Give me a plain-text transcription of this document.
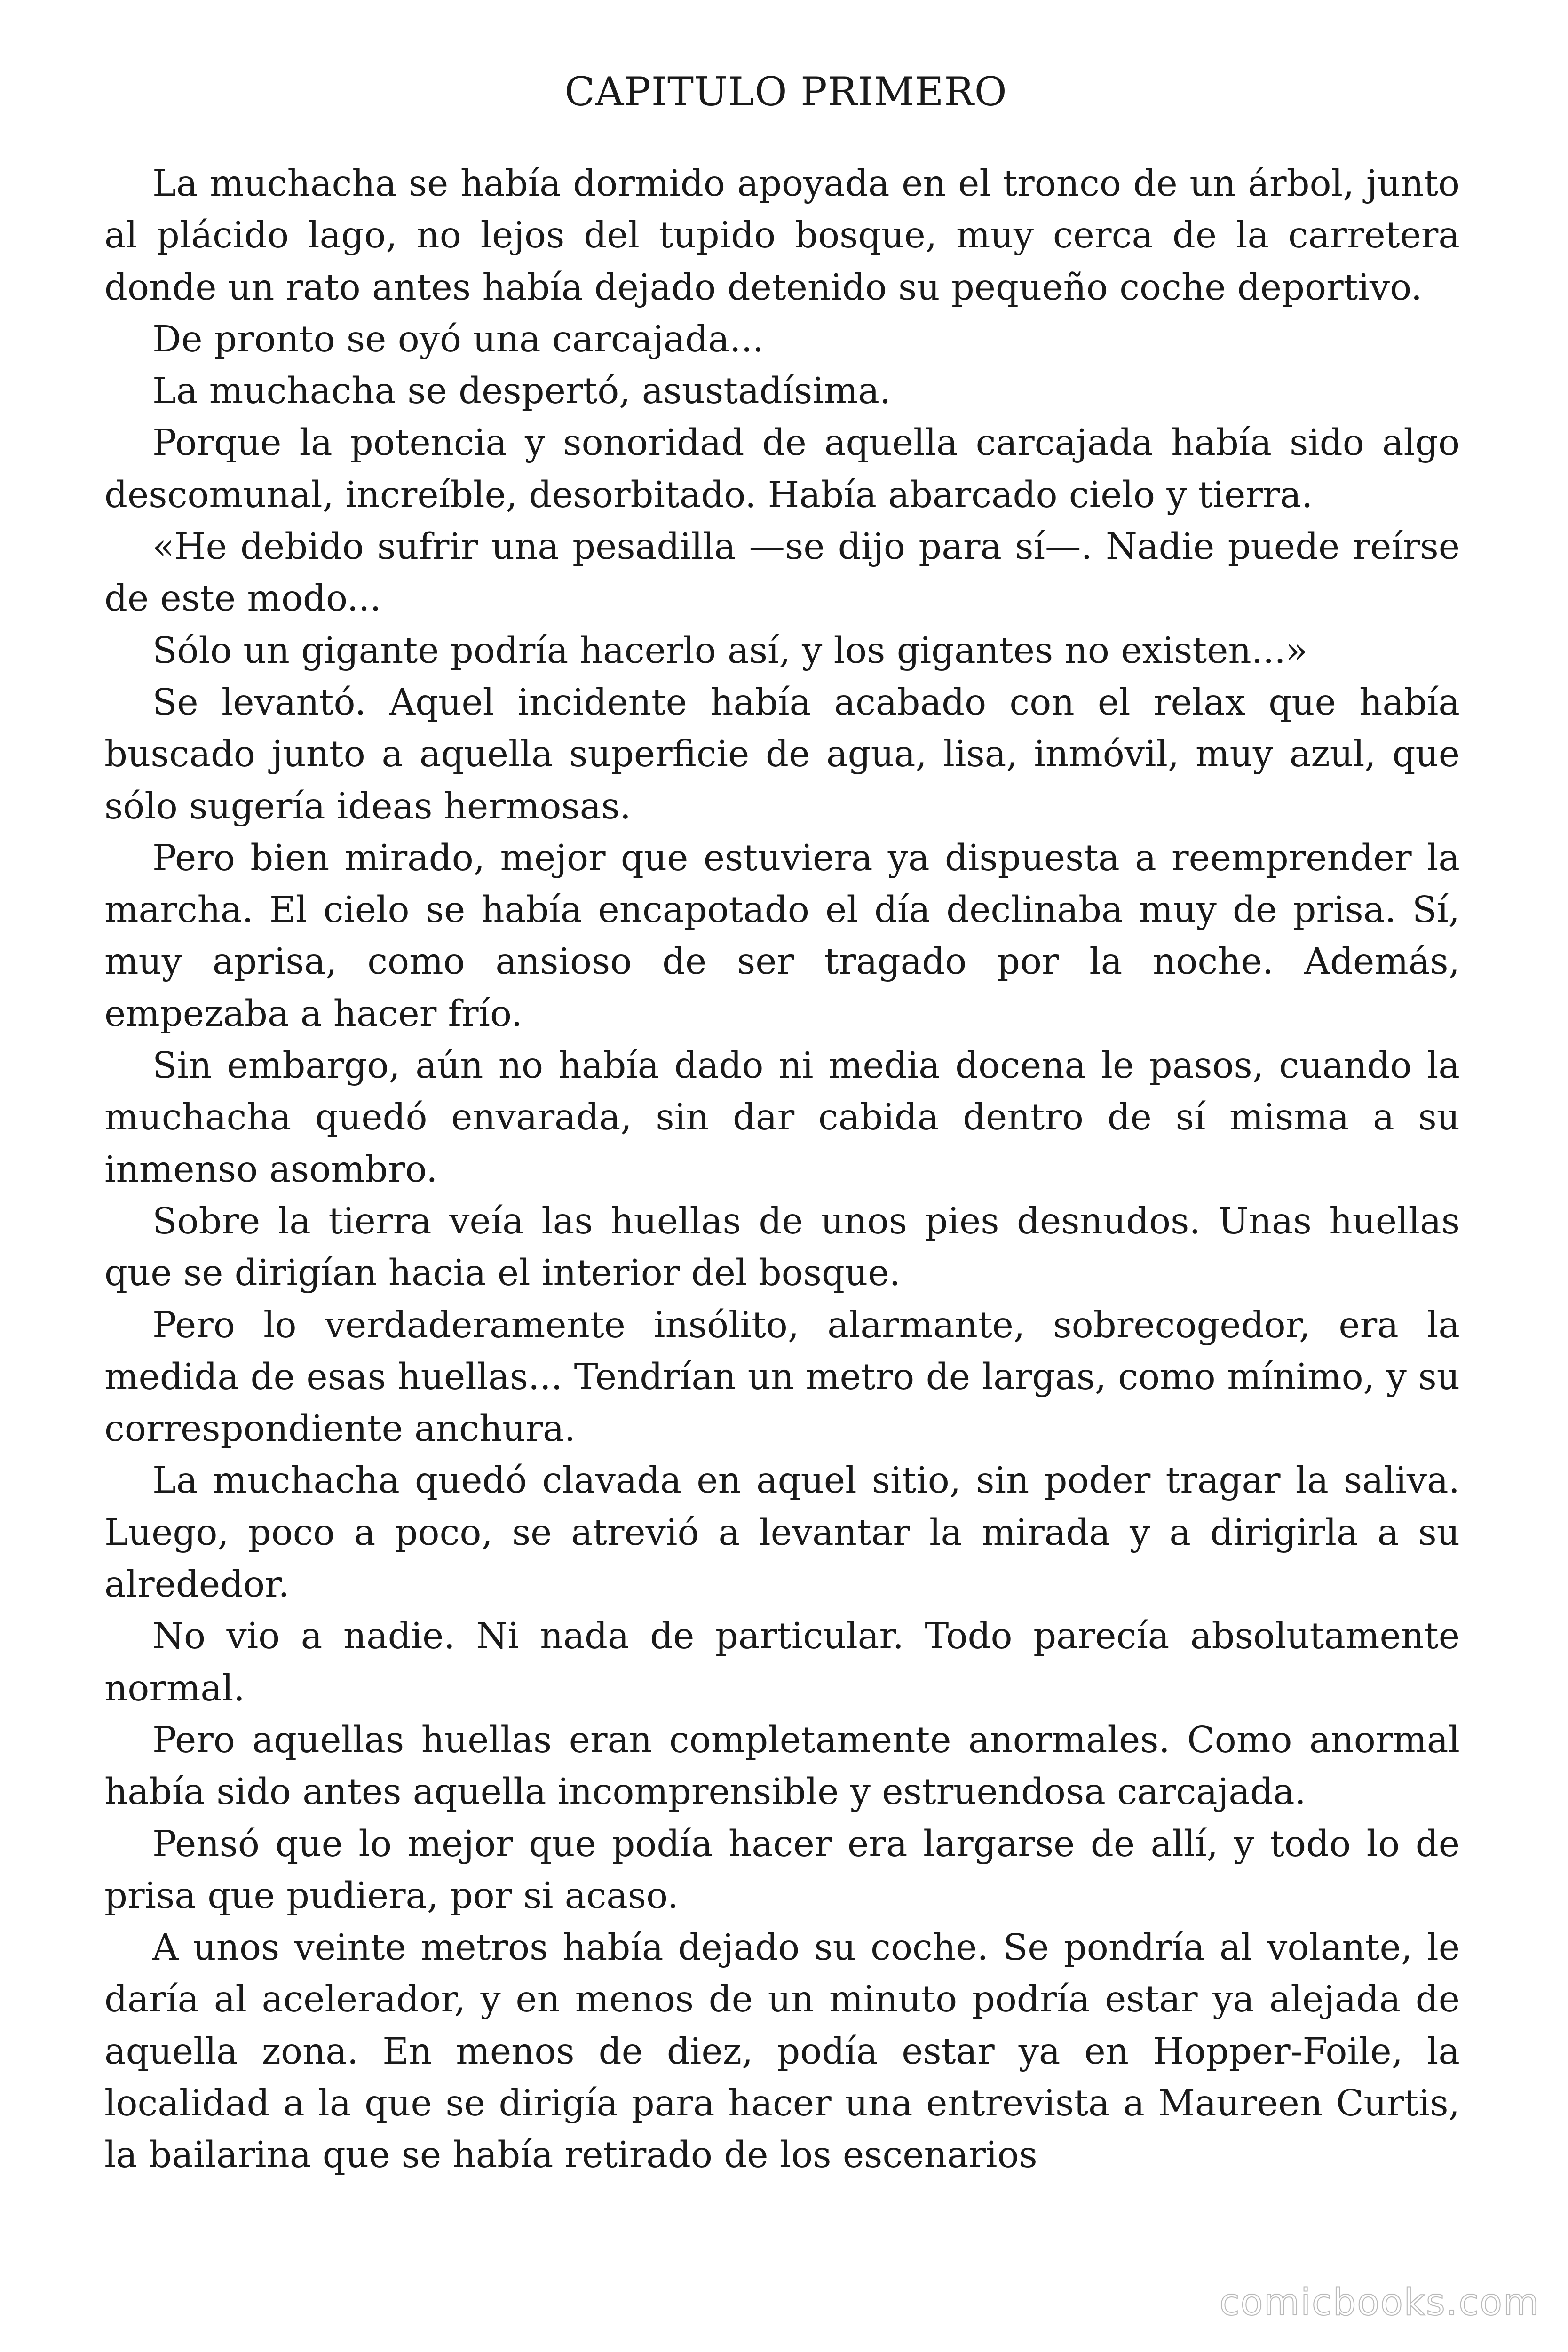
CAPITULO PRIMERO

La muchacha se había dormido apoyada en el tronco de un árbol, junto al plácido lago, no lejos del tupido bosque, muy cerca de la carretera donde un rato antes había dejado detenido su pequeño coche deportivo.

De pronto se oyó una carcajada...

La muchacha se despertó, asustadísima.

Porque la potencia y sonoridad de aquella carcajada había sido algo descomunal, increíble, desorbitado. Había abarcado cielo y tierra.

«He debido sufrir una pesadilla —se dijo para sí—. Nadie puede reírse de este modo...

Sólo un gigante podría hacerlo así, y los gigantes no existen...»

Se levantó. Aquel incidente había acabado con el relax que había buscado junto a aquella superficie de agua, lisa, inmóvil, muy azul, que sólo sugería ideas hermosas.

Pero bien mirado, mejor que estuviera ya dispuesta a reemprender la marcha. El cielo se había encapotado el día declinaba muy de prisa. Sí, muy aprisa, como ansioso de ser tragado por la noche. Además, empezaba a hacer frío.

Sin embargo, aún no había dado ni media docena le pasos, cuando la muchacha quedó envarada, sin dar cabida dentro de sí misma a su inmenso asombro.

Sobre la tierra veía las huellas de unos pies desnudos. Unas huellas que se dirigían hacia el interior del bosque.

Pero lo verdaderamente insólito, alarmante, sobrecogedor, era la medida de esas huellas... Tendrían un metro de largas, como mínimo, y su correspondiente anchura.

La muchacha quedó clavada en aquel sitio, sin poder tragar la saliva. Luego, poco a poco, se atrevió a levantar la mirada y a dirigirla a su alrededor.

No vio a nadie. Ni nada de particular. Todo parecía absolutamente normal.

Pero aquellas huellas eran completamente anormales. Como anormal había sido antes aquella incomprensible y estruendosa carcajada.

Pensó que lo mejor que podía hacer era largarse de allí, y todo lo de prisa que pudiera, por si acaso.

A unos veinte metros había dejado su coche. Se pondría al volante, le daría al acelerador, y en menos de un minuto podría estar ya alejada de aquella zona. En menos de diez, podía estar ya en Hopper-Foile, la localidad a la que se dirigía para hacer una entrevista a Maureen Curtis, la bailarina que se había retirado de los escenarios

comicbooks.com
